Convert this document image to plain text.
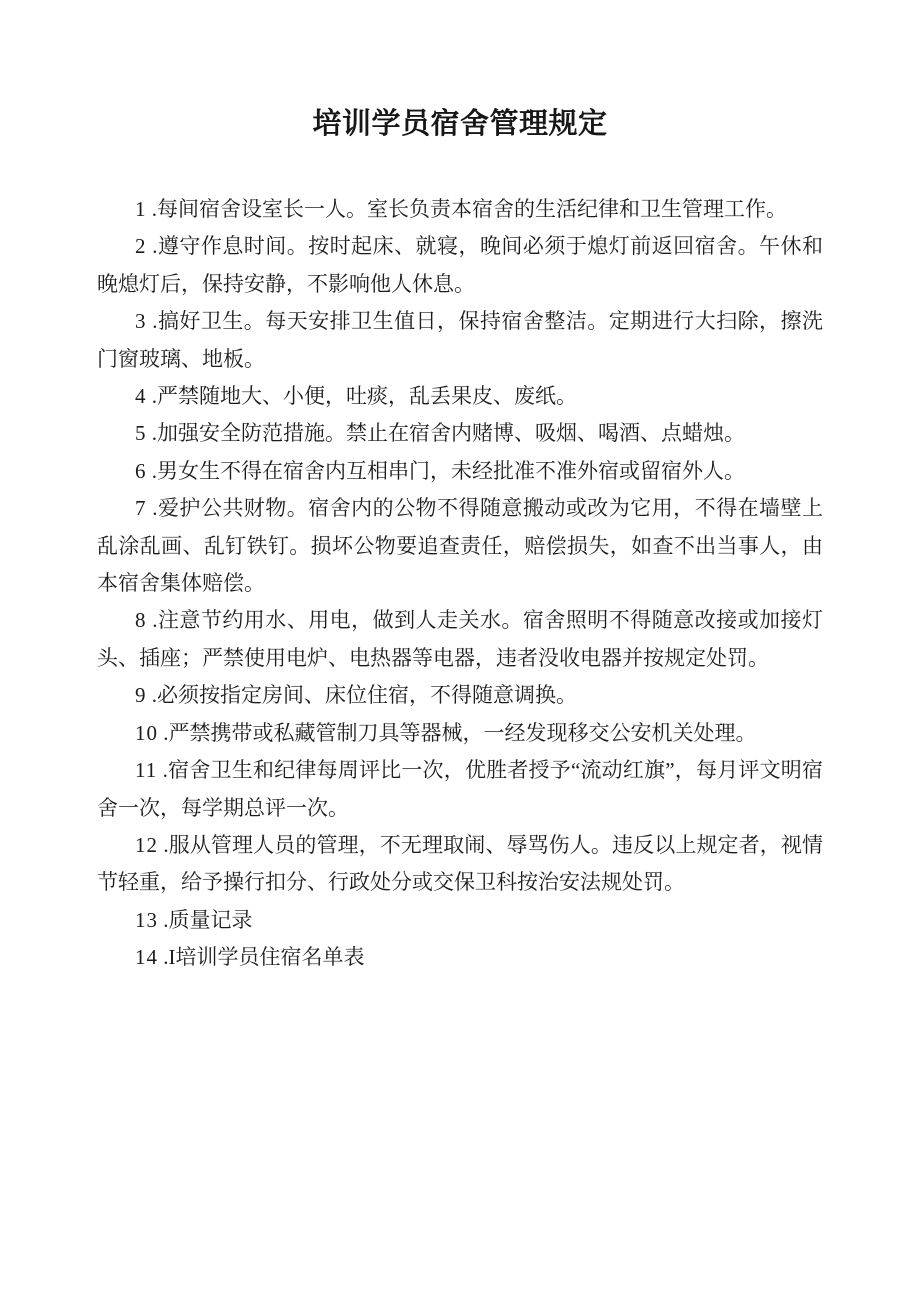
培训学员宿舍管理规定

1 .每间宿舍设室长一人。室长负责本宿舍的生活纪律和卫生管理工作。

2 .遵守作息时间。按时起床、就寝，晚间必须于熄灯前返回宿舍。午休和晚熄灯后，保持安静，不影响他人休息。

3 .搞好卫生。每天安排卫生值日，保持宿舍整洁。定期进行大扫除，擦洗门窗玻璃、地板。

4 .严禁随地大、小便，吐痰，乱丢果皮、废纸。

5 .加强安全防范措施。禁止在宿舍内赌博、吸烟、喝酒、点蜡烛。

6 .男女生不得在宿舍内互相串门，未经批准不准外宿或留宿外人。

7 .爱护公共财物。宿舍内的公物不得随意搬动或改为它用，不得在墙壁上乱涂乱画、乱钉铁钉。损坏公物要追查责任，赔偿损失，如查不出当事人，由本宿舍集体赔偿。

8 .注意节约用水、用电，做到人走关水。宿舍照明不得随意改接或加接灯头、插座；严禁使用电炉、电热器等电器，违者没收电器并按规定处罚。

9 .必须按指定房间、床位住宿，不得随意调换。

10 .严禁携带或私藏管制刀具等器械，一经发现移交公安机关处理。

11 .宿舍卫生和纪律每周评比一次，优胜者授予“流动红旗”，每月评文明宿舍一次，每学期总评一次。

12 .服从管理人员的管理，不无理取闹、辱骂伤人。违反以上规定者，视情节轻重，给予操行扣分、行政处分或交保卫科按治安法规处罚。

13 .质量记录

14 .I培训学员住宿名单表
